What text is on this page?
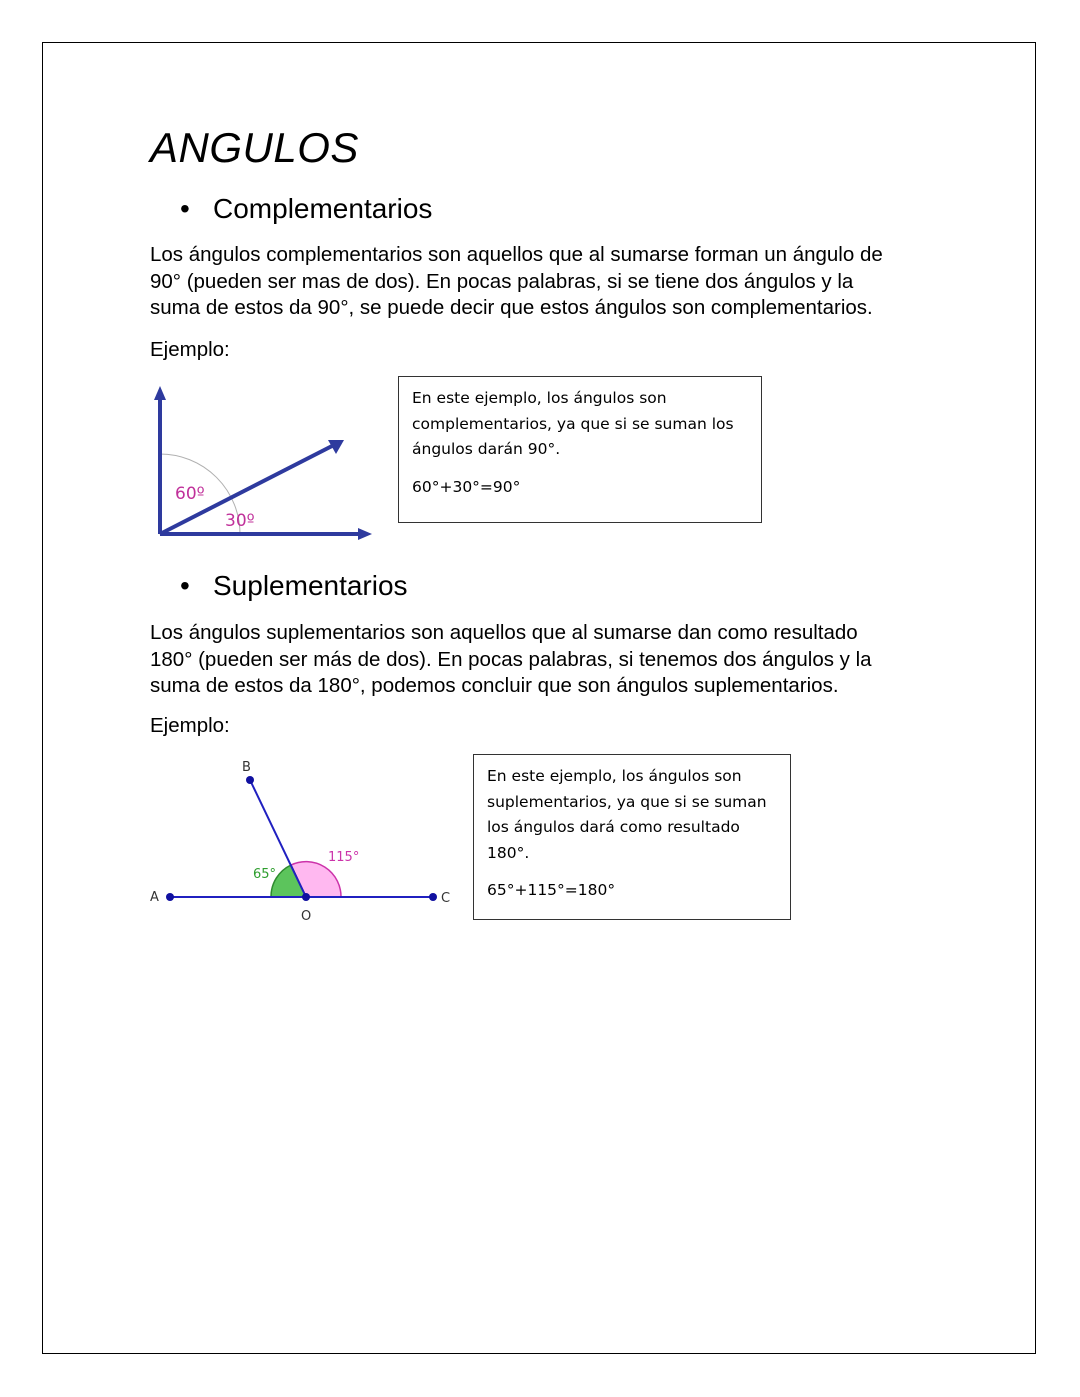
ANGULOS
• Complementarios

Los ángulos complementarios son aquellos que al sumarse forman un ángulo de
90° (pueden ser mas de dos). En pocas palabras, si se tiene dos ángulos y la
suma de estos da 90°, se puede decir que estos ángulos son complementarios.

Ejemplo:

60º
30º

En este ejemplo, los ángulos son
complementarios, ya que si se suman los
ángulos darán 90°.

60°+30°=90°

• Suplementarios

Los ángulos suplementarios son aquellos que al sumarse dan como resultado
180° (pueden ser más de dos). En pocas palabras, si tenemos dos ángulos y la
suma de estos da 180°, podemos concluir que son ángulos suplementarios.

Ejemplo:

A
B
C
O
65°
115°

En este ejemplo, los ángulos son
suplementarios, ya que si se suman
los ángulos dará como resultado
180°.

65°+115°=180°
